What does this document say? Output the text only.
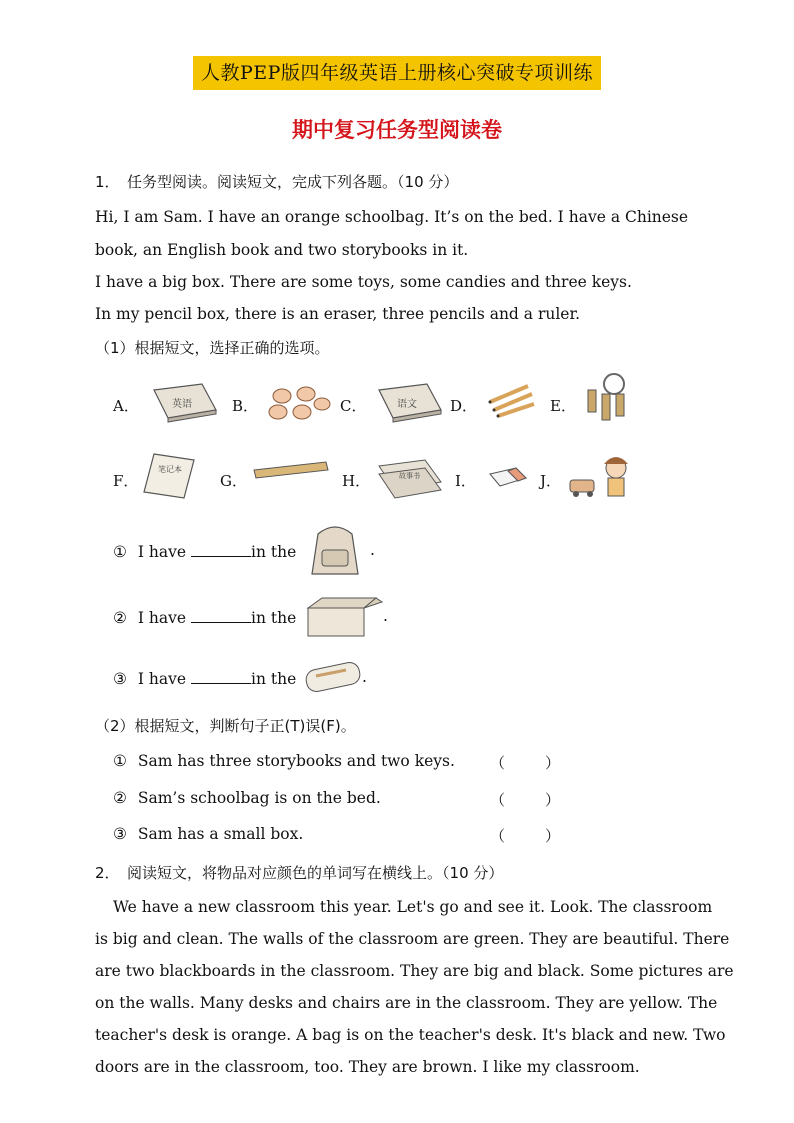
人教PEP版四年级英语上册核心突破专项训练
期中复习任务型阅读卷
1．　任务型阅读。阅读短文，完成下列各题。（10 分）
Hi, I am Sam. I have an orange schoolbag. It’s on the bed. I have a Chinese
book, an English book and two storybooks in it.
I have a big box. There are some toys, some candies and three keys.
In my pencil box, there is an eraser, three pencils and a ruler.
（1）根据短文，选择正确的选项。
A．	英语	B．	C．	语文 D．	E．
F．
笔记本
G．	H．	故事书 I．	J．
① I have	in the	.
② I have	in the	.
③ I have	in the	.
（2）根据短文，判断句子正(T)误(F)。
① Sam has three storybooks and two keys. （	）
② Sam’s schoolbag is on the bed.	（	）
③ Sam has a small box.	（	）
2．　阅读短文，将物品对应颜色的单词写在横线上。（10 分）
We have a new classroom this year. Let's go and see it. Look. The classroom
is big and clean. The walls of the classroom are green. They are beautiful. There
are two blackboards in the classroom. They are big and black. Some pictures are
on the walls. Many desks and chairs are in the classroom. They are yellow. The
teacher's desk is orange. A bag is on the teacher's desk. It's black and new. Two
doors are in the classroom, too. They are brown. I like my classroom.
